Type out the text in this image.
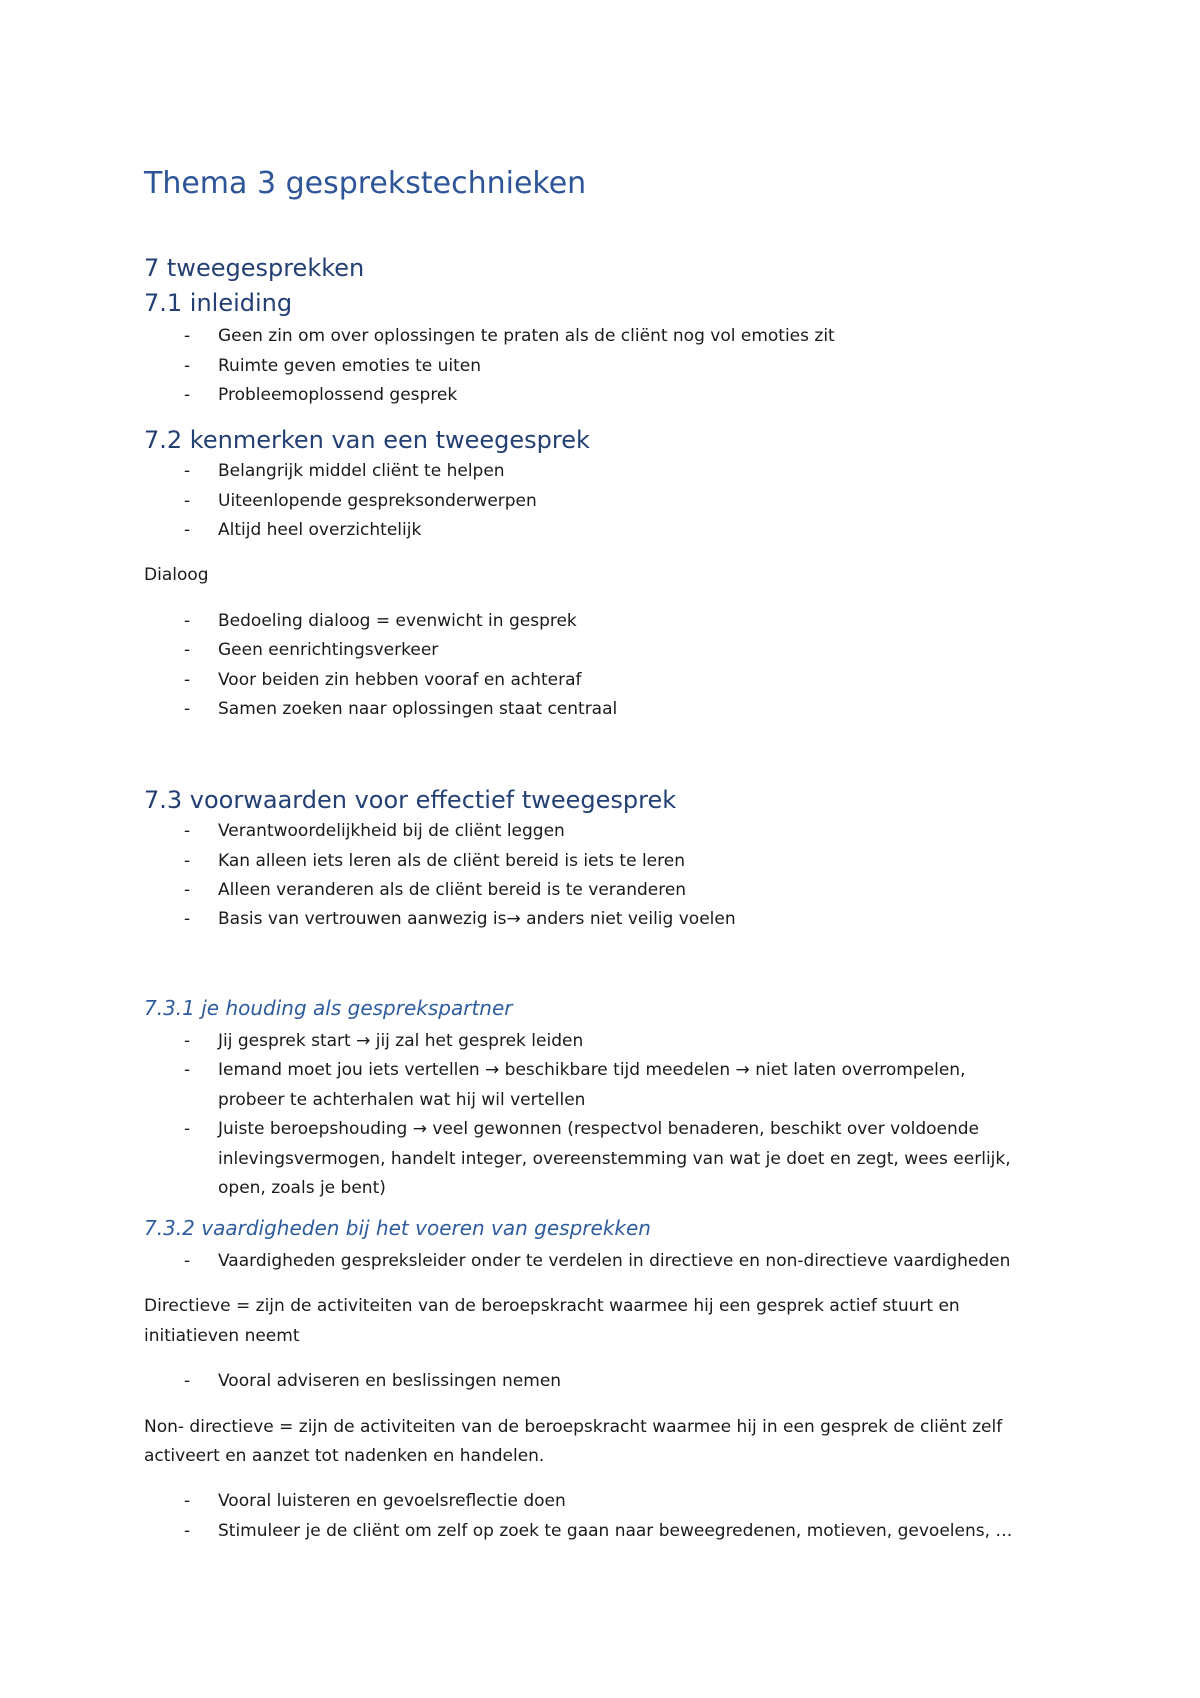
Thema 3 gesprekstechnieken
7 tweegesprekken
7.1 inleiding
- Geen zin om over oplossingen te praten als de cliënt nog vol emoties zit
- Ruimte geven emoties te uiten
- Probleemoplossend gesprek
7.2 kenmerken van een tweegesprek
- Belangrijk middel cliënt te helpen
- Uiteenlopende gespreksonderwerpen
- Altijd heel overzichtelijk
Dialoog
- Bedoeling dialoog = evenwicht in gesprek
- Geen eenrichtingsverkeer
- Voor beiden zin hebben vooraf en achteraf
- Samen zoeken naar oplossingen staat centraal
7.3 voorwaarden voor effectief tweegesprek
- Verantwoordelijkheid bij de cliënt leggen
- Kan alleen iets leren als de cliënt bereid is iets te leren
- Alleen veranderen als de cliënt bereid is te veranderen
- Basis van vertrouwen aanwezig is→ anders niet veilig voelen
7.3.1 je houding als gesprekspartner
- Jij gesprek start → jij zal het gesprek leiden
- Iemand moet jou iets vertellen → beschikbare tijd meedelen → niet laten overrompelen,
probeer te achterhalen wat hij wil vertellen
- Juiste beroepshouding → veel gewonnen (respectvol benaderen, beschikt over voldoende
inlevingsvermogen, handelt integer, overeenstemming van wat je doet en zegt, wees eerlijk,
open, zoals je bent)
7.3.2 vaardigheden bij het voeren van gesprekken
- Vaardigheden gespreksleider onder te verdelen in directieve en non-directieve vaardigheden
Directieve = zijn de activiteiten van de beroepskracht waarmee hij een gesprek actief stuurt en
initiatieven neemt
- Vooral adviseren en beslissingen nemen
Non- directieve = zijn de activiteiten van de beroepskracht waarmee hij in een gesprek de cliënt zelf
activeert en aanzet tot nadenken en handelen.
- Vooral luisteren en gevoelsreflectie doen
- Stimuleer je de cliënt om zelf op zoek te gaan naar beweegredenen, motieven, gevoelens, …
